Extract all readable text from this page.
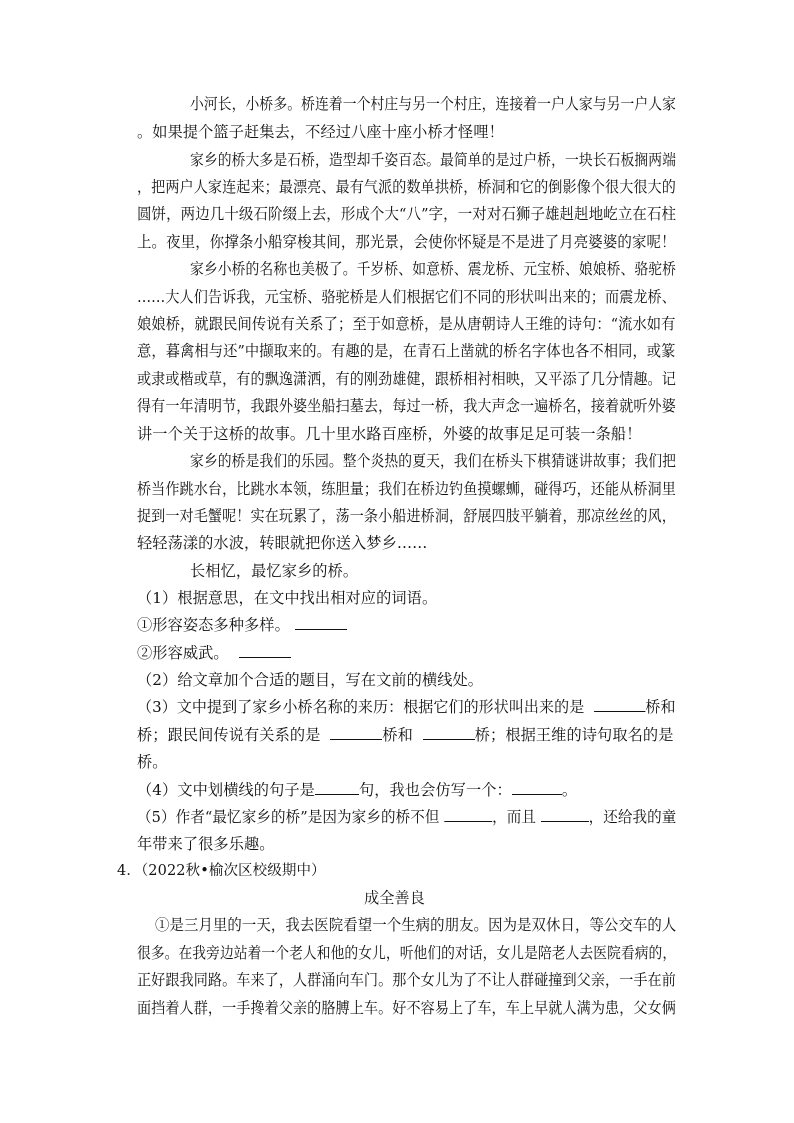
小河长，小桥多。桥连着一个村庄与另一个村庄，连接着一户人家与另一户人家
。如果提个篮子赶集去，不经过八座十座小桥才怪哩！
家乡的桥大多是石桥，造型却千姿百态。最简单的是过户桥，一块长石板搁两端
，把两户人家连起来；最漂亮、最有气派的数单拱桥，桥洞和它的倒影像个很大很大的
圆饼，两边几十级石阶缀上去，形成个大“八”字，一对对石狮子雄赳赳地屹立在石柱
上。夜里，你撑条小船穿梭其间，那光景，会使你怀疑是不是进了月亮婆婆的家呢！
家乡小桥的名称也美极了。千岁桥、如意桥、震龙桥、元宝桥、娘娘桥、骆驼桥
……大人们告诉我，元宝桥、骆驼桥是人们根据它们不同的形状叫出来的；而震龙桥、
娘娘桥，就跟民间传说有关系了；至于如意桥，是从唐朝诗人王维的诗句：“流水如有
意，暮禽相与还”中撷取来的。有趣的是，在青石上凿就的桥名字体也各不相同，或篆
或隶或楷或草，有的飘逸潇洒，有的刚劲雄健，跟桥相衬相映，又平添了几分情趣。记
得有一年清明节，我跟外婆坐船扫墓去，每过一桥，我大声念一遍桥名，接着就听外婆
讲一个关于这桥的故事。几十里水路百座桥，外婆的故事足足可装一条船！
家乡的桥是我们的乐园。整个炎热的夏天，我们在桥头下棋猜谜讲故事；我们把
桥当作跳水台，比跳水本领，练胆量；我们在桥边钓鱼摸螺蛳，碰得巧，还能从桥洞里
捉到一对毛蟹呢！实在玩累了，荡一条小船进桥洞，舒展四肢平躺着，那凉丝丝的风，
轻轻荡漾的水波，转眼就把你送入梦乡……
长相忆，最忆家乡的桥。
（1）根据意思，在文中找出相对应的词语。
①形容姿态多种多样。
②形容威武。
（2）给文章加个合适的题目，写在文前的横线处。
（3）文中提到了家乡小桥名称的来历：根据它们的形状叫出来的是	桥和
桥；跟民间传说有关系的是	桥和	桥；根据王维的诗句取名的是
桥。
（4）文中划横线的句子是	句，我也会仿写一个：	。
（5）作者“最忆家乡的桥”是因为家乡的桥不但	，而且	，还给我的童
年带来了很多乐趣。
4．（2022秋•榆次区校级期中）
成全善良
①是三月里的一天，我去医院看望一个生病的朋友。因为是双休日，等公交车的人
很多。在我旁边站着一个老人和他的女儿，听他们的对话，女儿是陪老人去医院看病的，
正好跟我同路。车来了，人群涌向车门。那个女儿为了不让人群碰撞到父亲，一手在前
面挡着人群，一手搀着父亲的胳膊上车。好不容易上了车，车上早就人满为患，父女俩
